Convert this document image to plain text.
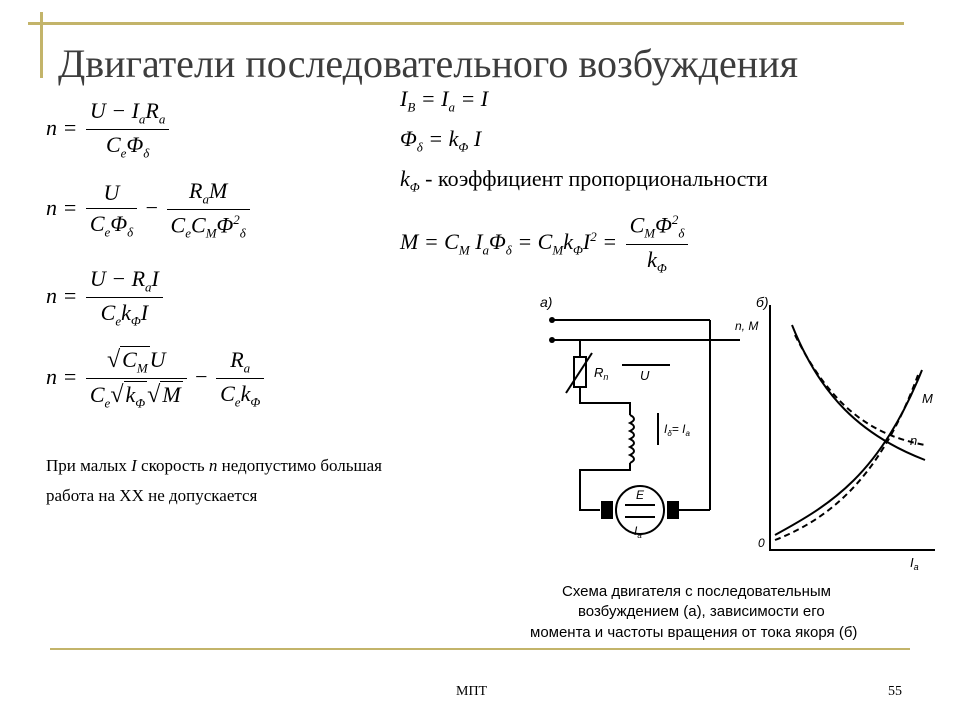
Двигатели последовательного возбуждения
$n = \frac{U - I_aR_a}{C_e\Phi_\delta}$
$n = \frac{U}{C_e\Phi_\delta} - \frac{R_aM}{C_eC_M\Phi^2_\delta}$
$n = \frac{U - R_aI}{C_ek_\Phi I}$
$n = \frac{√C_MU}{C_e√k_\Phi√M} - \frac{R_a}{C_ek_\Phi}$
$I_B = I_a = I$
$\Phi_\delta = k_\Phi$ I
$k_\Phi$ - коэффициент пропорциональности
$M = C_M$ $I_a\Phi_\delta = C_Mk_\Phi I^2 = \frac{C_M\Phi^2_\delta}{k_\Phi}$
При малых I скорость n недопустимо большая
работа на ХХ не допускается
а)	б)
$R_n$ U
$I_\delta= I_a$
E
$I_a$
n, M
0
$I_a$
M
n
Схема двигателя с последовательным
возбуждением (а), зависимости его
момента и частоты вращения от тока якоря (б)
МПТ	55
